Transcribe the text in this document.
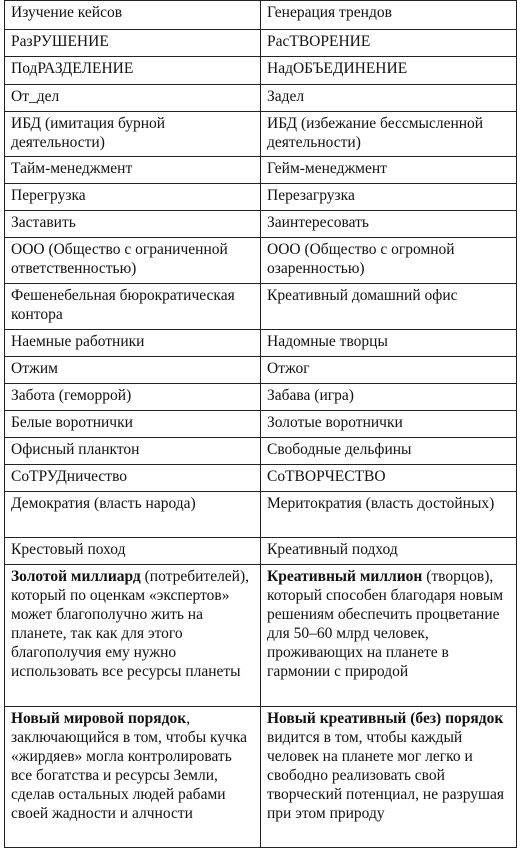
Изучение кейсов	Генерация трендов
РазРУШЕНИЕ	РасТВОРЕНИЕ
ПодРАЗДЕЛЕНИЕ	НадОБЪЕДИНЕНИЕ
От_дел	Задел
ИБД (имитация бурной деятельности)	ИБД (избежание бессмысленной деятельности)
Тайм-менеджмент	Гейм-менеджмент
Перегрузка	Перезагрузка
Заставить	Заинтересовать
ООО (Общество с ограниченной ответственностью)	ООО (Общество с огромной озаренностью)
Фешенебельная бюрократическая контора	Креативный домашний офис
Наемные работники	Надомные творцы
Отжим	Отжог
Забота (геморрой)	Забава (игра)
Белые воротнички	Золотые воротнички
Офисный планктон	Свободные дельфины
СоТРУДничество	СоТВОРЧЕСТВО
Демократия (власть народа)	Меритократия (власть достойных)
Крестовый поход	Креативный подход
Золотой миллиард (потребителей), который по оценкам «экспертов» может благополучно жить на планете, так как для этого благополучия ему нужно использовать все ресурсы планеты	Креативный миллион (творцов), который способен благодаря новым решениям обеспечить процветание для 50–60 млрд человек, проживающих на планете в гармонии с природой
Новый мировой порядок, заключающийся в том, чтобы кучка «жирдяев» могла контролировать все богатства и ресурсы Земли, сделав остальных людей рабами своей жадности и алчности	Новый креативный (без) порядок видится в том, чтобы каждый человек на планете мог легко и свободно реализовать свой творческий потенциал, не разрушая при этом природу
